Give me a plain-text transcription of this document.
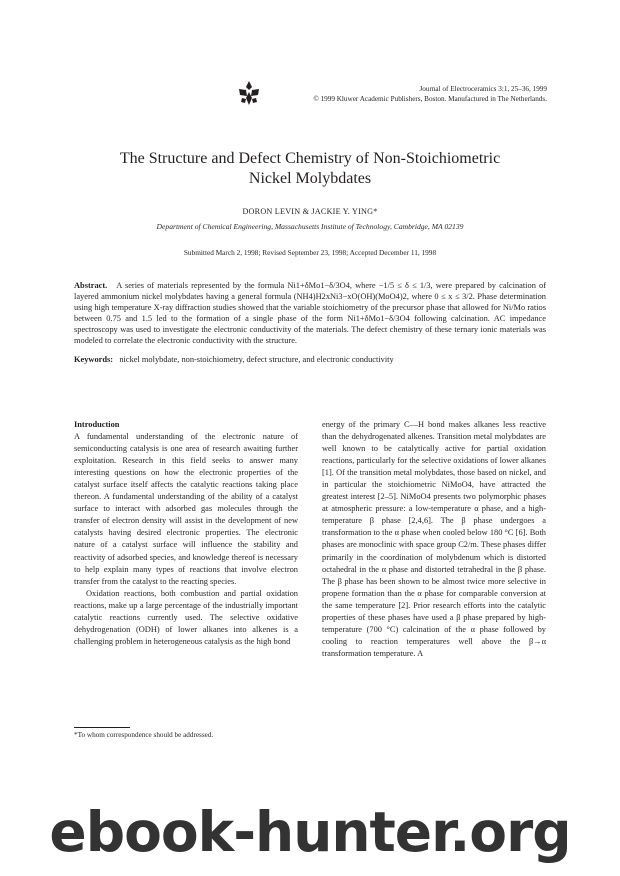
Journal of Electroceramics 3:1, 25–36, 1999
© 1999 Kluwer Academic Publishers, Boston. Manufactured in The Netherlands.
The Structure and Defect Chemistry of Non-Stoichiometric
Nickel Molybdates
DORON LEVIN & JACKIE Y. YING*
Department of Chemical Engineering, Massachusetts Institute of Technology, Cambridge, MA 02139
Submitted March 2, 1998; Revised September 23, 1998; Accepted December 11, 1998

Abstract. A series of materials represented by the formula Ni1+δMo1−δ/3O4, where −1/5 ≤ δ ≤ 1/3, were prepared by calcination of layered ammonium nickel molybdates having a general formula (NH4)H2xNi3−xO(OH)(MoO4)2, where 0 ≤ x ≤ 3/2. Phase determination using high temperature X-ray diffraction studies showed that the variable stoichiometry of the precursor phase that allowed for Ni/Mo ratios between 0.75 and 1.5 led to the formation of a single phase of the form Ni1+δMo1−δ/3O4 following calcination. AC impedance spectroscopy was used to investigate the electronic conductivity of the materials. The defect chemistry of these ternary ionic materials was modeled to correlate the electronic conductivity with the structure.

Keywords: nickel molybdate, non-stoichiometry, defect structure, and electronic conductivity

Introduction

A fundamental understanding of the electronic nature of semiconducting catalysis is one area of research awaiting further exploitation. Research in this field seeks to answer many interesting questions on how the electronic properties of the catalyst surface itself affects the catalytic reactions taking place thereon. A fundamental understanding of the ability of a catalyst surface to interact with adsorbed gas molecules through the transfer of electron density will assist in the development of new catalysts having desired electronic properties. The electronic nature of a catalyst surface will influence the stability and reactivity of adsorbed species, and knowledge thereof is necessary to help explain many types of reactions that involve electron transfer from the catalyst to the reacting species.

Oxidation reactions, both combustion and partial oxidation reactions, make up a large percentage of the industrially important catalytic reactions currently used. The selective oxidative dehydrogenation (ODH) of lower alkanes into alkenes is a challenging problem in heterogeneous catalysis as the high bond

energy of the primary C—H bond makes alkanes less reactive than the dehydrogenated alkenes. Transition metal molybdates are well known to be catalytically active for partial oxidation reactions, particularly for the selective oxidations of lower alkanes [1]. Of the transition metal molybdates, those based on nickel, and in particular the stoichiometric NiMoO4, have attracted the greatest interest [2–5]. NiMoO4 presents two polymorphic phases at atmospheric pressure: a low-temperature α phase, and a high-temperature β phase [2,4,6]. The β phase undergoes a transformation to the α phase when cooled below 180 °C [6]. Both phases are monoclinic with space group C2/m. These phases differ primarily in the coordination of molybdenum which is distorted octahedral in the α phase and distorted tetrahedral in the β phase. The β phase has been shown to be almost twice more selective in propene formation than the α phase for comparable conversion at the same temperature [2]. Prior research efforts into the catalytic properties of these phases have used a β phase prepared by high-temperature (700 °C) calcination of the α phase followed by cooling to reaction temperatures well above the β→α transformation temperature. A

*To whom correspondence should be addressed.
ebook-hunter.org
